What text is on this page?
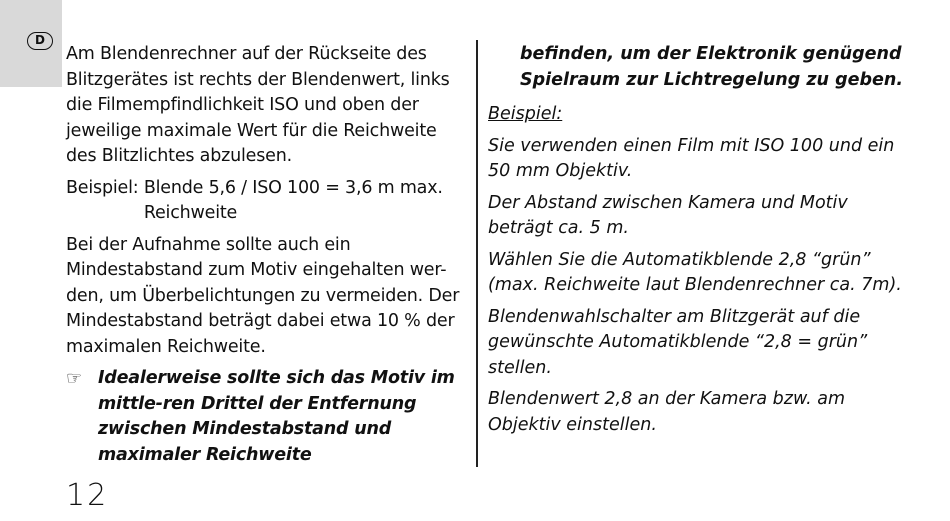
D

Am Blendenrechner auf der Rückseite des Blitzgerätes ist rechts der Blendenwert, links die Filmempfindlichkeit ISO und oben der jeweilige maximale Wert für die Reichweite des Blitzlichtes abzulesen.

Beispiel: Blende 5,6 / ISO 100 = 3,6 m max.
Reichweite

Bei der Aufnahme sollte auch ein Mindestabstand zum Motiv eingehalten wer-den, um Überbelichtungen zu vermeiden. Der Mindestabstand beträgt dabei etwa 10 % der maximalen Reichweite.

☞ Idealerweise sollte sich das Motiv im mittle-ren Drittel der Entfernung zwischen Mindestabstand und maximaler Reichweite
befinden, um der Elektronik genügend Spielraum zur Lichtregelung zu geben.

Beispiel:

Sie verwenden einen Film mit ISO 100 und ein 50 mm Objektiv.

Der Abstand zwischen Kamera und Motiv beträgt ca. 5 m.

Wählen Sie die Automatikblende 2,8 “grün” (max. Reichweite laut Blendenrechner ca. 7m).

Blendenwahlschalter am Blitzgerät auf die gewünschte Automatikblende “2,8 = grün” stellen.

Blendenwert 2,8 an der Kamera bzw. am Objektiv einstellen.

12
